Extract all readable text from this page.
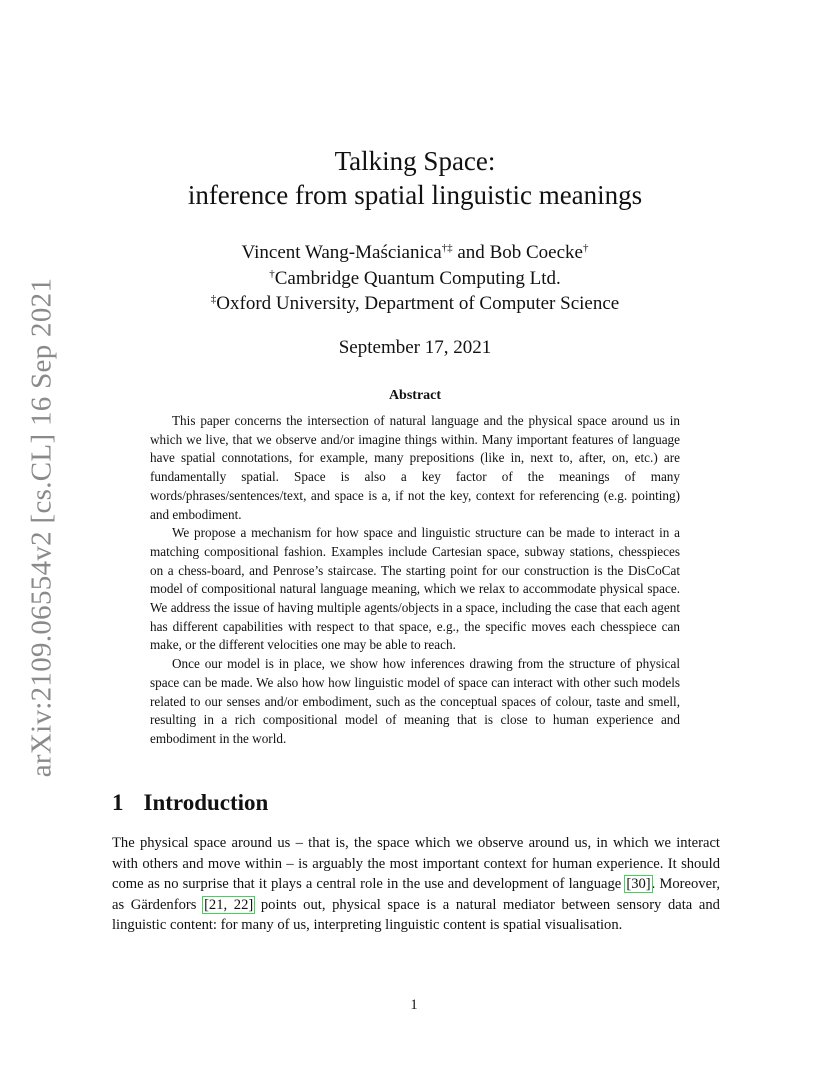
arXiv:2109.06554v2 [cs.CL] 16 Sep 2021
Talking Space:
inference from spatial linguistic meanings
Vincent Wang-Maścianica†‡ and Bob Coecke†
†Cambridge Quantum Computing Ltd.
‡Oxford University, Department of Computer Science
September 17, 2021
Abstract

This paper concerns the intersection of natural language and the physical space around us in which we live, that we observe and/or imagine things within. Many important features of language have spatial connotations, for example, many prepositions (like in, next to, after, on, etc.) are fundamentally spatial. Space is also a key factor of the meanings of many words/phrases/sentences/text, and space is a, if not the key, context for referencing (e.g. pointing) and embodiment.

We propose a mechanism for how space and linguistic structure can be made to interact in a matching compositional fashion. Examples include Cartesian space, subway stations, chesspieces on a chess-board, and Penrose’s staircase. The starting point for our construction is the DisCoCat model of compositional natural language meaning, which we relax to accommodate physical space. We address the issue of having multiple agents/objects in a space, including the case that each agent has different capabilities with respect to that space, e.g., the specific moves each chesspiece can make, or the different velocities one may be able to reach.

Once our model is in place, we show how inferences drawing from the structure of physical space can be made. We also how how linguistic model of space can interact with other such models related to our senses and/or embodiment, such as the conceptual spaces of colour, taste and smell, resulting in a rich compositional model of meaning that is close to human experience and embodiment in the world.

1 Introduction

The physical space around us – that is, the space which we observe around us, in which we interact with others and move within – is arguably the most important context for human experience. It should come as no surprise that it plays a central role in the use and development of language [30]. Moreover, as Gärdenfors [21, 22] points out, physical space is a natural mediator between sensory data and linguistic content: for many of us, interpreting linguistic content is spatial visualisation.

1
